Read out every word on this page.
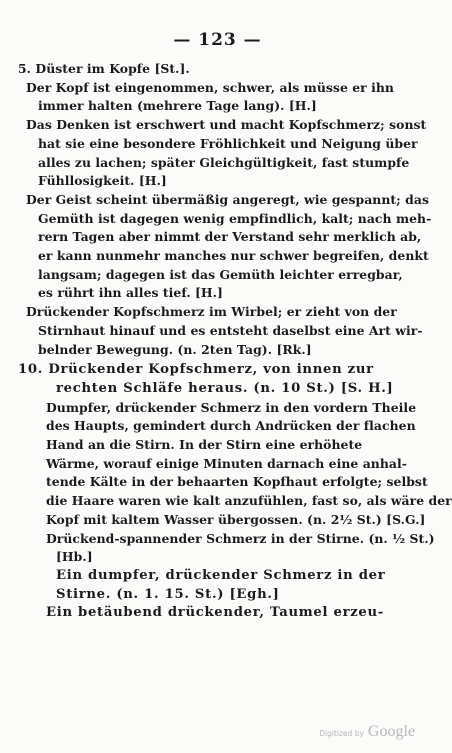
— 123 —
5. Düster im Kopfe [St.].
Der Kopf ist eingenommen, schwer, als müsse er ihn
immer halten (mehrere Tage lang). [H.]
Das Denken ist erschwert und macht Kopfschmerz; sonst
hat sie eine besondere Fröhlichkeit und Neigung über
alles zu lachen; später Gleichgültigkeit, fast stumpfe
Fühllosigkeit. [H.]
Der Geist scheint übermäßig angeregt, wie gespannt; das
Gemüth ist dagegen wenig empfindlich, kalt; nach meh-
rern Tagen aber nimmt der Verstand sehr merklich ab,
er kann nunmehr manches nur schwer begreifen, denkt
langsam; dagegen ist das Gemüth leichter erregbar,
es rührt ihn alles tief. [H.]
Drückender Kopfschmerz im Wirbel; er zieht von der
Stirnhaut hinauf und es entsteht daselbst eine Art wir-
belnder Bewegung. (n. 2ten Tag). [Rk.]
10. Drückender Kopfschmerz, von innen zur
rechten Schläfe heraus. (n. 10 St.) [S. H.]
Dumpfer, drückender Schmerz in den vordern Theile
des Haupts, gemindert durch Andrücken der flachen
Hand an die Stirn. In der Stirn eine erhöhete
Wärme, worauf einige Minuten darnach eine anhal-
tende Kälte in der behaarten Kopfhaut erfolgte; selbst
die Haare waren wie kalt anzufühlen, fast so, als wäre der
Kopf mit kaltem Wasser übergossen. (n. 2½ St.) [S.G.]
Drückend-spannender Schmerz in der Stirne. (n. ½ St.)
[Hb.]
Ein dumpfer, drückender Schmerz in der
Stirne. (n. 1. 15. St.) [Egh.]
Ein betäubend drückender, Taumel erzeu-
Digitized by Google
